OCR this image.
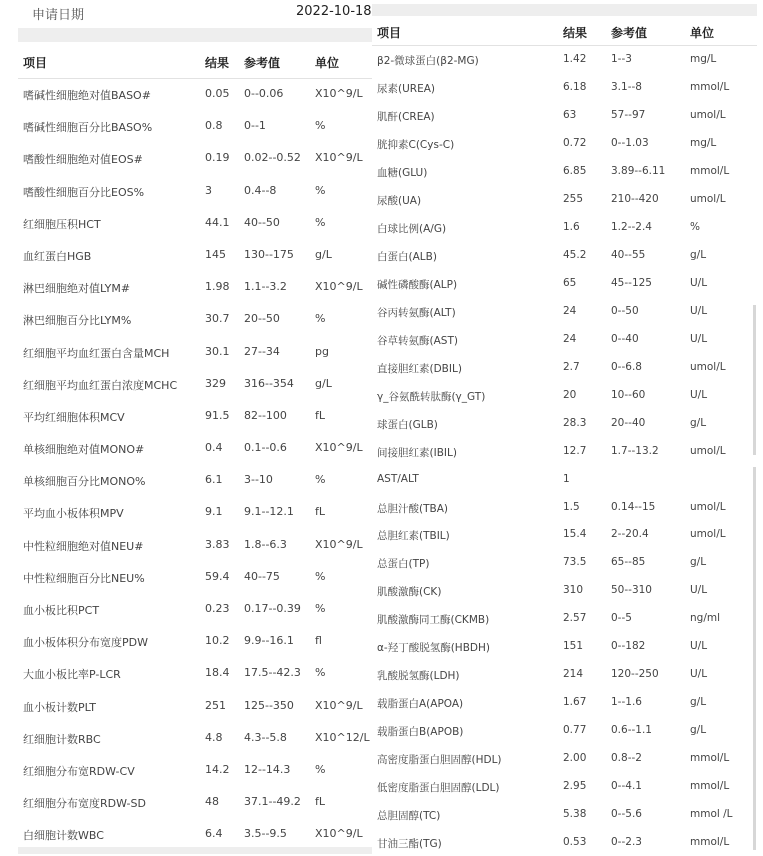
申请日期	2022-10-18
项目	结果 参考值	单位
嗜碱性细胞绝对值BASO#	0.05 0--0.06	X10^9/L
嗜碱性细胞百分比BASO%	0.8 0--1	%
嗜酸性细胞绝对值EOS#	0.19 0.02--0.52 X10^9/L
嗜酸性细胞百分比EOS%	3	0.4--8	%
红细胞压积HCT	44.1 40--50	%
血红蛋白HGB	145 130--175 g/L
淋巴细胞绝对值LYM#	1.98 1.1--3.2	X10^9/L
淋巴细胞百分比LYM%	30.7 20--50	%
红细胞平均血红蛋白含量MCH	30.1 27--34	pg
红细胞平均血红蛋白浓度MCHC	329 316--354 g/L
平均红细胞体积MCV	91.5 82--100	fL
单核细胞绝对值MONO#	0.4 0.1--0.6	X10^9/L
单核细胞百分比MONO%	6.1 3--10	%
平均血小板体积MPV	9.1 9.1--12.1 fL
中性粒细胞绝对值NEU#	3.83 1.8--6.3	X10^9/L
中性粒细胞百分比NEU%	59.4 40--75	%
血小板比积PCT	0.23 0.17--0.39 %
血小板体积分布宽度PDW	10.2 9.9--16.1 fl
大血小板比率P-LCR	18.4 17.5--42.3 %
血小板计数PLT	251 125--350 X10^9/L
红细胞计数RBC	4.8 4.3--5.8	X10^12/L
红细胞分布宽RDW-CV	14.2 12--14.3 %
红细胞分布宽度RDW-SD	48 37.1--49.2 fL
白细胞计数WBC	6.4 3.5--9.5	X10^9/L
项目	结果 参考值	单位
β2-微球蛋白(β2-MG)	1.42 1--3	mg/L
尿素(UREA)	6.18 3.1--8	mmol/L
肌酐(CREA)	63	57--97	umol/L
胱抑素C(Cys-C)	0.72 0--1.03	mg/L
血糖(GLU)	6.85 3.89--6.11 mmol/L
尿酸(UA)	255	210--420	umol/L
白球比例(A/G)	1.6	1.2--2.4	%
白蛋白(ALB)	45.2 40--55	g/L
碱性磷酸酶(ALP)	65	45--125	U/L
谷丙转氨酶(ALT)	24	0--50	U/L
谷草转氨酶(AST)	24	0--40	U/L
直接胆红素(DBIL)	2.7	0--6.8	umol/L
γ_谷氨酰转肽酶(γ_GT)	20	10--60	U/L
球蛋白(GLB)	28.3 20--40	g/L
间接胆红素(IBIL)	12.7 1.7--13.2	umol/L
AST/ALT	1
总胆汁酸(TBA)	1.5	0.14--15	umol/L
总胆红素(TBIL)	15.4 2--20.4	umol/L
总蛋白(TP)	73.5 65--85	g/L
肌酸激酶(CK)	310	50--310	U/L
肌酸激酶同工酶(CKMB)	2.57 0--5	ng/ml
α-羟丁酸脱氢酶(HBDH)	151	0--182	U/L
乳酸脱氢酶(LDH)	214	120--250	U/L
载脂蛋白A(APOA)	1.67 1--1.6	g/L
载脂蛋白B(APOB)	0.77 0.6--1.1	g/L
高密度脂蛋白胆固醇(HDL)	2.00 0.8--2	mmol/L
低密度脂蛋白胆固醇(LDL)	2.95 0--4.1	mmol/L
总胆固醇(TC)	5.38 0--5.6	mmol /L
甘油三酯(TG)	0.53 0--2.3	mmol/L
